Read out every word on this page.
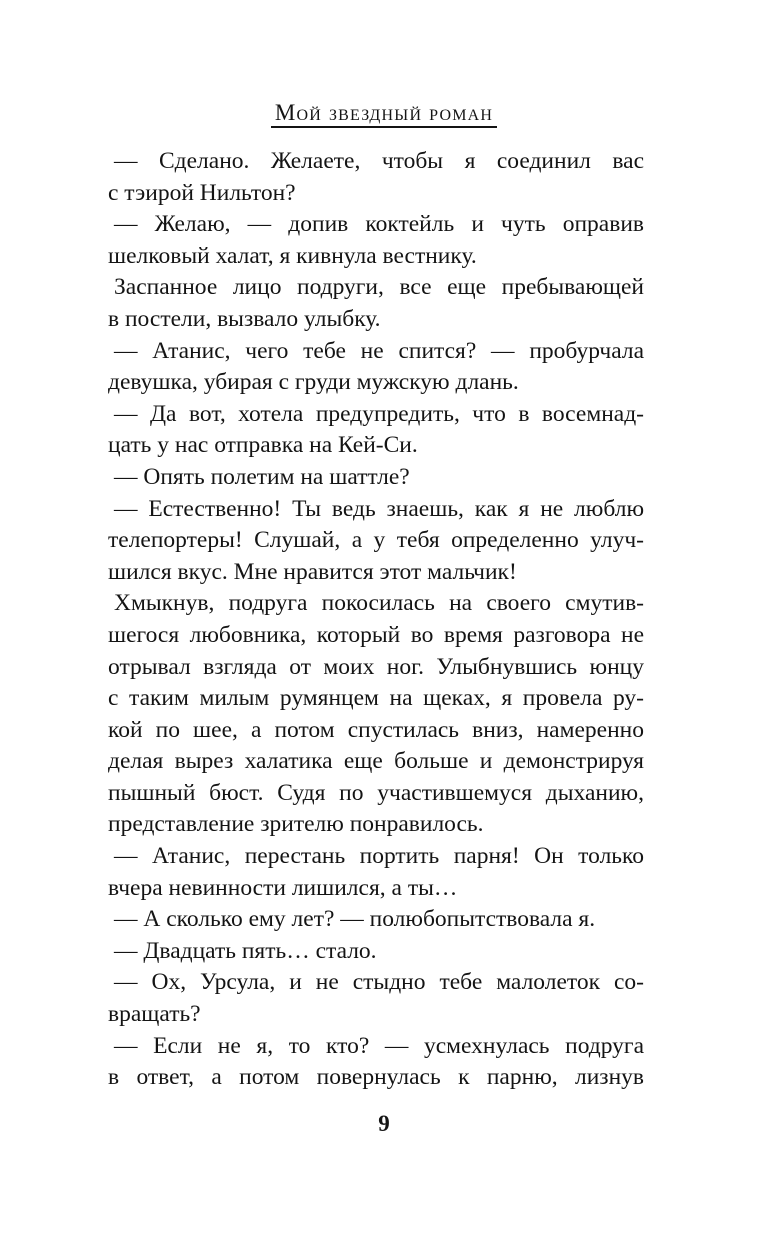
Мой звездный роман
— Сделано. Желаете, чтобы я соединил вас
с тэирой Нильтон?
— Желаю, — допив коктейль и чуть оправив
шелковый халат, я кивнула вестнику.
Заспанное лицо подруги, все еще пребывающей
в постели, вызвало улыбку.
— Атанис, чего тебе не спится? — пробурчала
девушка, убирая с груди мужскую длань.
— Да вот, хотела предупредить, что в восемнад-
цать у нас отправка на Кей-Си.
— Опять полетим на шаттле?
— Естественно! Ты ведь знаешь, как я не люблю
телепортеры! Слушай, а у тебя определенно улуч-
шился вкус. Мне нравится этот мальчик!
Хмыкнув, подруга покосилась на своего смутив-
шегося любовника, который во время разговора не
отрывал взгляда от моих ног. Улыбнувшись юнцу
с таким милым румянцем на щеках, я провела ру-
кой по шее, а потом спустилась вниз, намеренно
делая вырез халатика еще больше и демонстрируя
пышный бюст. Судя по участившемуся дыханию,
представление зрителю понравилось.
— Атанис, перестань портить парня! Он только
вчера невинности лишился, а ты…
— А сколько ему лет? — полюбопытствовала я.
— Двадцать пять… стало.
— Ох, Урсула, и не стыдно тебе малолеток со-
вращать?
— Если не я, то кто? — усмехнулась подруга
в ответ, а потом повернулась к парню, лизнув
9
